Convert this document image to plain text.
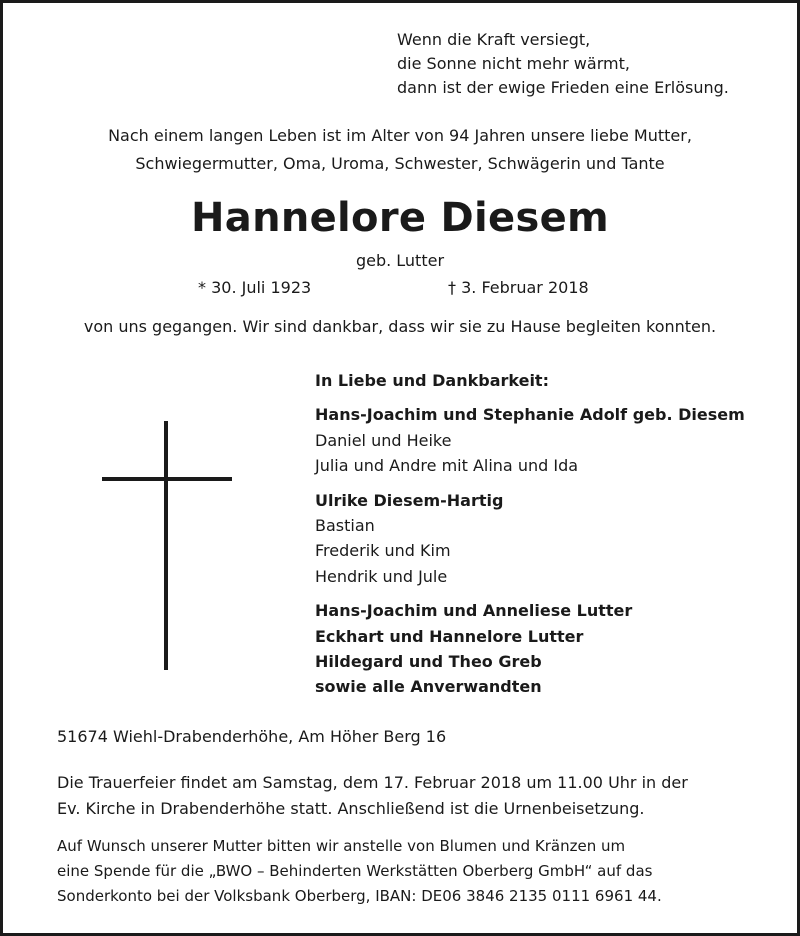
Wenn die Kraft versiegt,
die Sonne nicht mehr wärmt,
dann ist der ewige Frieden eine Erlösung.
Nach einem langen Leben ist im Alter von 94 Jahren unsere liebe Mutter,
Schwiegermutter, Oma, Uroma, Schwester, Schwägerin und Tante
Hannelore Diesem
geb. Lutter
* 30. Juli 1923	† 3. Februar 2018
von uns gegangen. Wir sind dankbar, dass wir sie zu Hause begleiten konnten.
In Liebe und Dankbarkeit:
Hans-Joachim und Stephanie Adolf geb. Diesem
Daniel und Heike
Julia und Andre mit Alina und Ida
Ulrike Diesem-Hartig
Bastian
Frederik und Kim
Hendrik und Jule
Hans-Joachim und Anneliese Lutter
Eckhart und Hannelore Lutter
Hildegard und Theo Greb
sowie alle Anverwandten
51674 Wiehl-Drabenderhöhe, Am Höher Berg 16
Die Trauerfeier findet am Samstag, dem 17. Februar 2018 um 11.00 Uhr in der
Ev. Kirche in Drabenderhöhe statt. Anschließend ist die Urnenbeisetzung.
Auf Wunsch unserer Mutter bitten wir anstelle von Blumen und Kränzen um
eine Spende für die „BWO – Behinderten Werkstätten Oberberg GmbH“ auf das
Sonderkonto bei der Volksbank Oberberg, IBAN: DE06 3846 2135 0111 6961 44.
